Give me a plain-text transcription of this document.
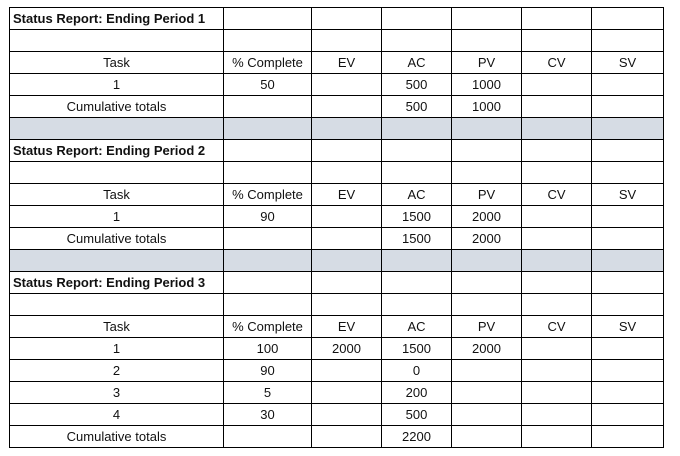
Status Report: Ending Period 1						

Task	% Complete	EV	AC	PV	CV	SV
1	50		500	1000		
Cumulative totals			500	1000		

Status Report: Ending Period 2						

Task	% Complete	EV	AC	PV	CV	SV
1	90		1500	2000		
Cumulative totals			1500	2000		

Status Report: Ending Period 3						

Task	% Complete	EV	AC	PV	CV	SV
1	100	2000	1500	2000		
2	90		0			
3	5		200			
4	30		500			
Cumulative totals			2200			
